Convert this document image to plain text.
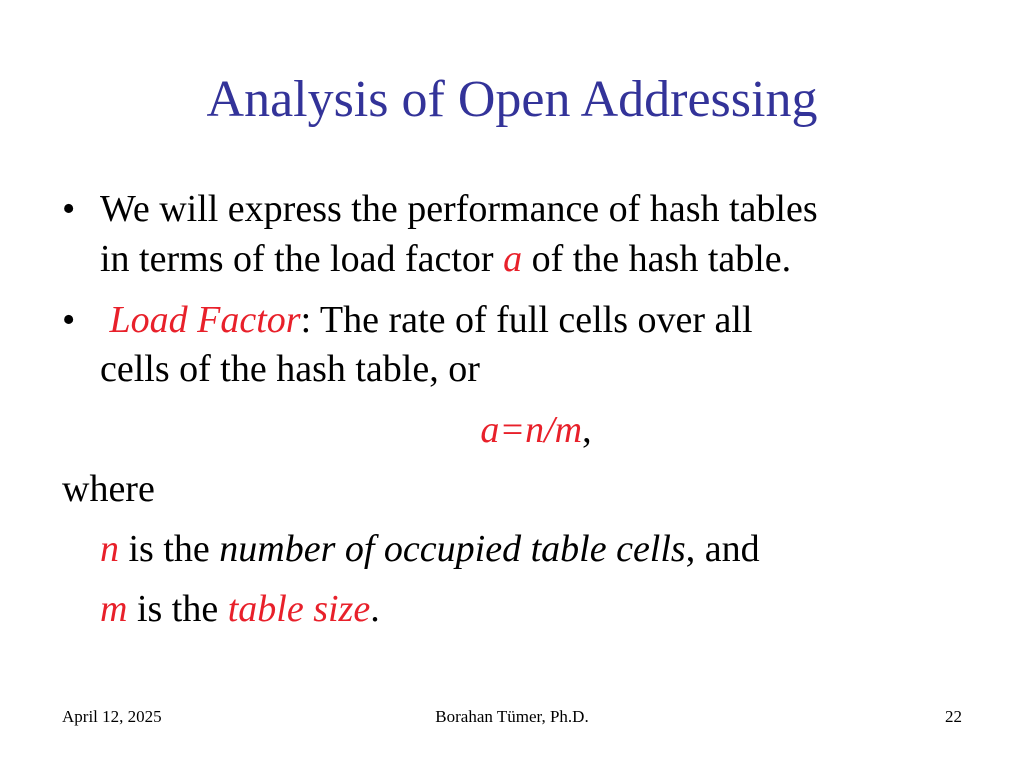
Analysis of Open Addressing
• We will express the performance of hash tables
in terms of the load factor a of the hash table.
• Load Factor: The rate of full cells over all
cells of the hash table, or
a=n/m,
where
n is the number of occupied table cells, and
m is the table size.
April 12, 2025	Borahan Tümer, Ph.D.	22
